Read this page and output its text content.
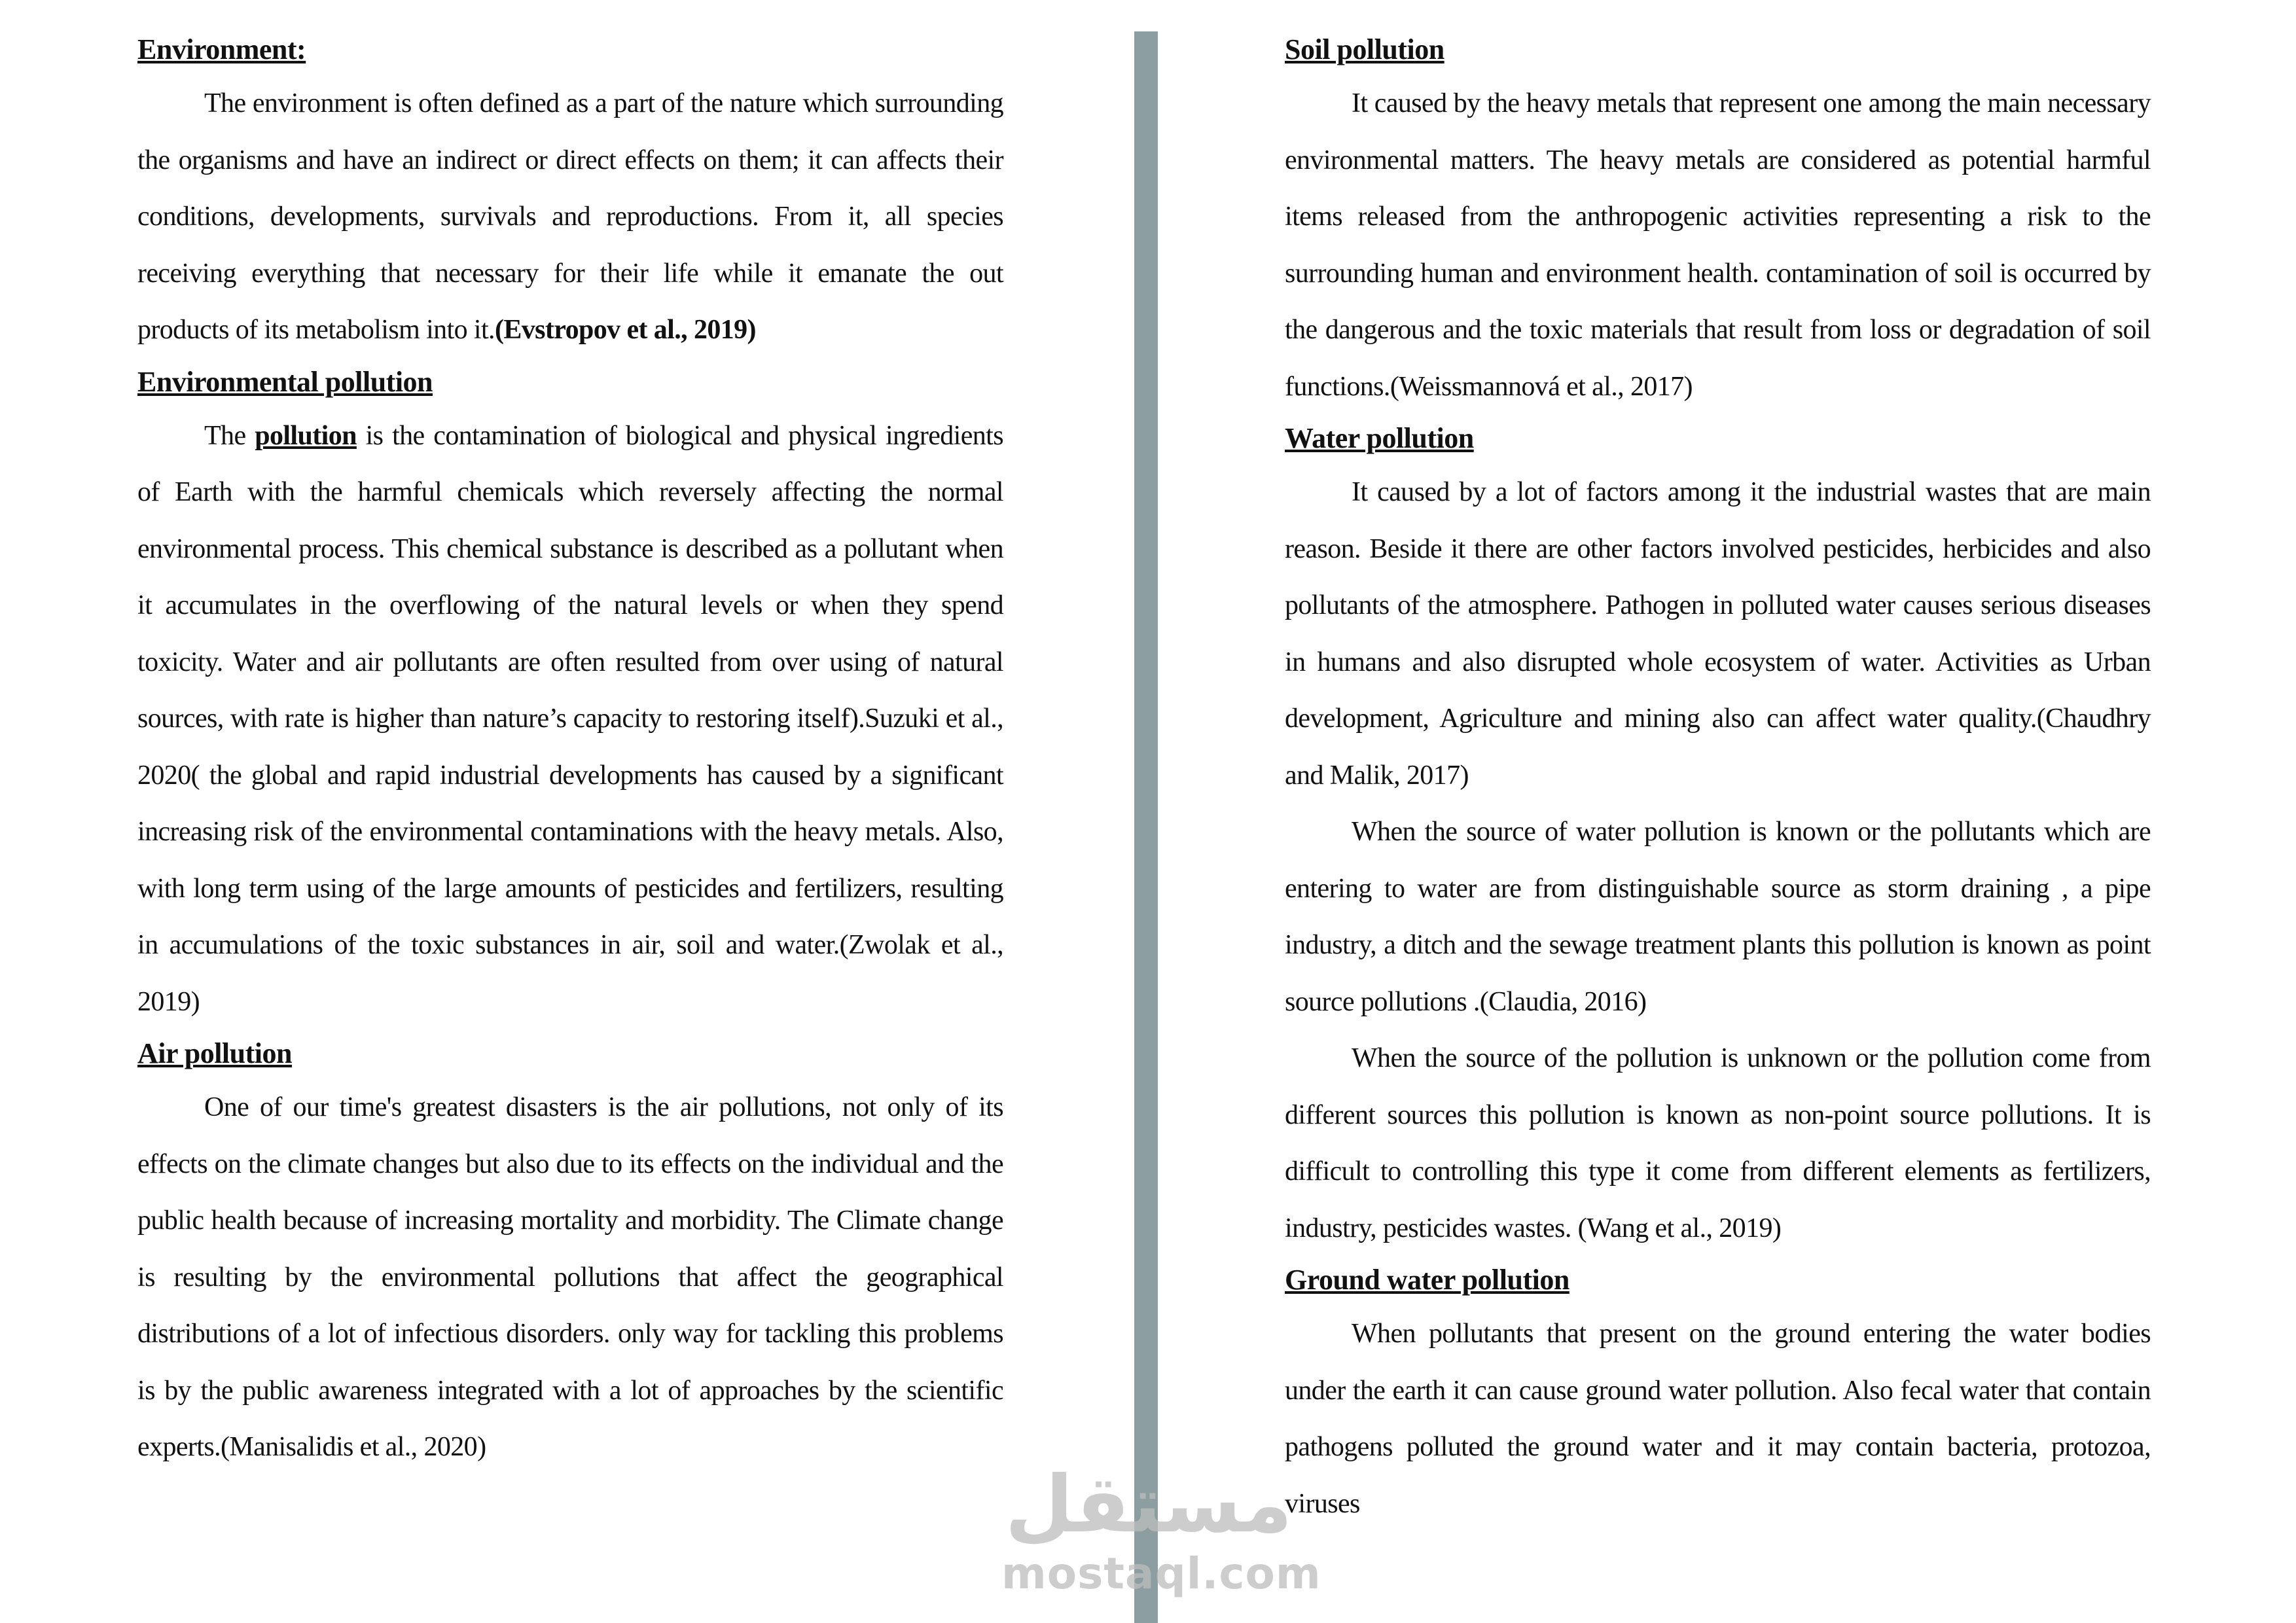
Environment:

The environment is often defined as a part of the nature which surrounding the organisms and have an indirect or direct effects on them; it can affects their conditions, developments, survivals and reproductions. From it, all species receiving everything that necessary for their life while it emanate the out products of its metabolism into it.(Evstropov et al., 2019)

Environmental pollution

The pollution is the contamination of biological and physical ingredients of Earth with the harmful chemicals which reversely affecting the normal environmental process. This chemical substance is described as a pollutant when it accumulates in the overflowing of the natural levels or when they spend toxicity. Water and air pollutants are often resulted from over using of natural sources, with rate is higher than nature’s capacity to restoring itself).Suzuki et al., 2020( the global and rapid industrial developments has caused by a significant increasing risk of the environmental contaminations with the heavy metals. Also, with long term using of the large amounts of pesticides and fertilizers, resulting in accumulations of the toxic substances in air, soil and water.(Zwolak et al., 2019)

Air pollution

One of our time's greatest disasters is the air pollutions, not only of its effects on the climate changes but also due to its effects on the individual and the public health because of increasing mortality and morbidity. The Climate change is resulting by the environmental pollutions that affect the geographical distributions of a lot of infectious disorders. only way for tackling this problems is by the public awareness integrated with a lot of approaches by the scientific experts.(Manisalidis et al., 2020)

Soil pollution

It caused by the heavy metals that represent one among the main necessary environmental matters. The heavy metals are considered as potential harmful items released from the anthropogenic activities representing a risk to the surrounding human and environment health. contamination of soil is occurred by the dangerous and the toxic materials that result from loss or degradation of soil functions.(Weissmannová et al., 2017)

Water pollution

It caused by a lot of factors among it the industrial wastes that are main reason. Beside it there are other factors involved pesticides, herbicides and also pollutants of the atmosphere. Pathogen in polluted water causes serious diseases in humans and also disrupted whole ecosystem of water. Activities as Urban development, Agriculture and mining also can affect water quality.(Chaudhry and Malik, 2017)

When the source of water pollution is known or the pollutants which are entering to water are from distinguishable source as storm draining , a pipe industry, a ditch and the sewage treatment plants this pollution is known as point source pollutions .(Claudia, 2016)

When the source of the pollution is unknown or the pollution come from different sources this pollution is known as non-point source pollutions. It is difficult to controlling this type it come from different elements as fertilizers, industry, pesticides wastes. (Wang et al., 2019)

Ground water pollution

When pollutants that present on the ground entering the water bodies under the earth it can cause ground water pollution. Also fecal water that contain pathogens polluted the ground water and it may contain bacteria, protozoa, viruses

مستقل
mostaql.com
